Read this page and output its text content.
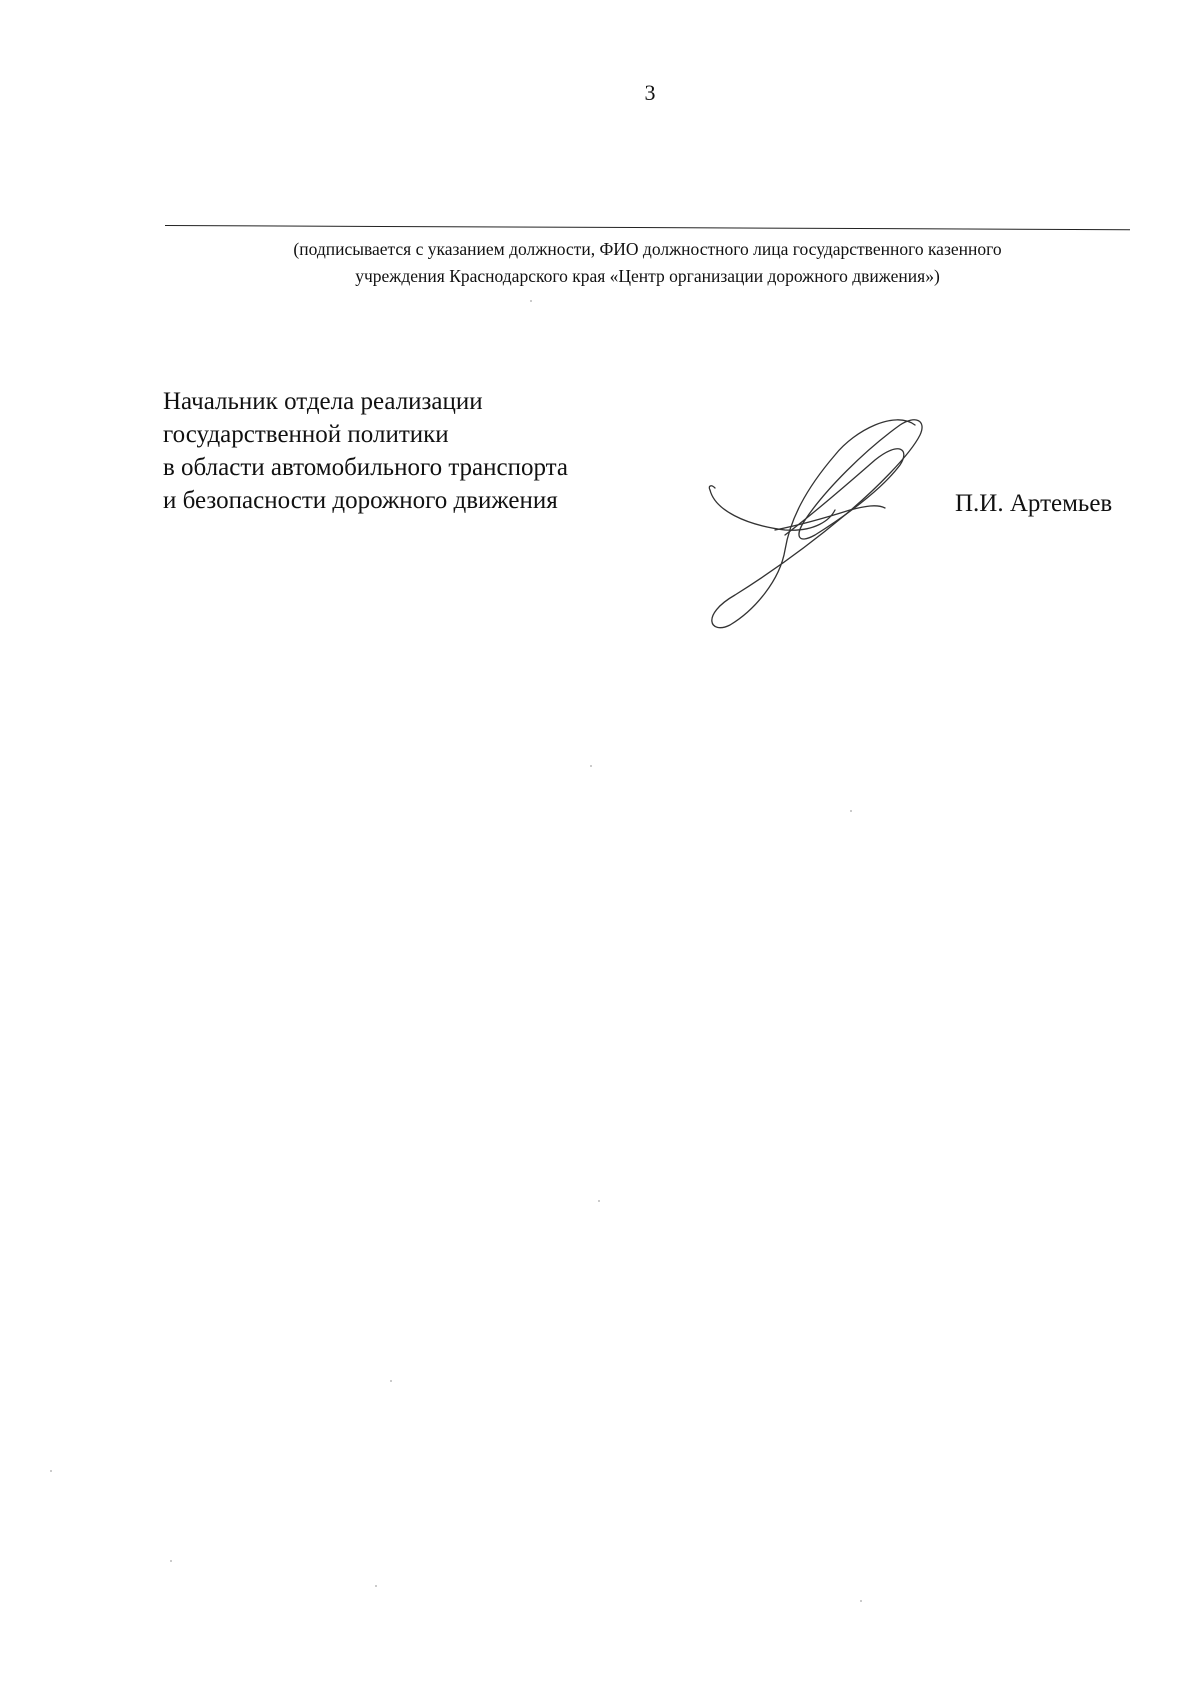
3
(подписывается с указанием должности, ФИО должностного лица государственного казенного
учреждения Краснодарского края «Центр организации дорожного движения»)
Начальник отдела реализации
государственной политики
в области автомобильного транспорта
и безопасности дорожного движения	П.И. Артемьев
